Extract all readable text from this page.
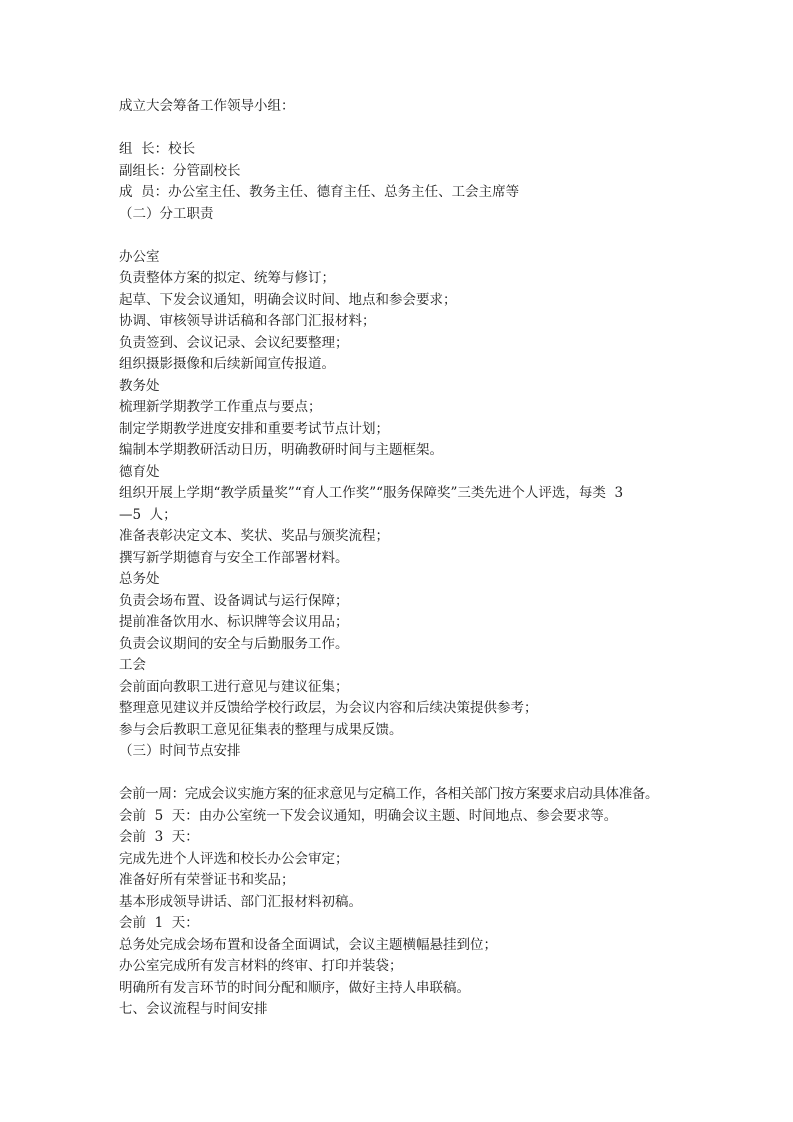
成立大会筹备工作领导小组：
组  长：校长
副组长：分管副校长
成  员：办公室主任、教务主任、德育主任、总务主任、工会主席等
（二）分工职责
办公室
负责整体方案的拟定、统筹与修订；
起草、下发会议通知，明确会议时间、地点和参会要求；
协调、审核领导讲话稿和各部门汇报材料；
负责签到、会议记录、会议纪要整理；
组织摄影摄像和后续新闻宣传报道。
教务处
梳理新学期教学工作重点与要点；
制定学期教学进度安排和重要考试节点计划；
编制本学期教研活动日历，明确教研时间与主题框架。
德育处
组织开展上学期“教学质量奖”“育人工作奖”“服务保障奖”三类先进个人评选，每类  3
—5  人；
准备表彰决定文本、奖状、奖品与颁奖流程；
撰写新学期德育与安全工作部署材料。
总务处
负责会场布置、设备调试与运行保障；
提前准备饮用水、标识牌等会议用品；
负责会议期间的安全与后勤服务工作。
工会
会前面向教职工进行意见与建议征集；
整理意见建议并反馈给学校行政层，为会议内容和后续决策提供参考；
参与会后教职工意见征集表的整理与成果反馈。
（三）时间节点安排
会前一周：完成会议实施方案的征求意见与定稿工作，各相关部门按方案要求启动具体准备。
会前  5  天：由办公室统一下发会议通知，明确会议主题、时间地点、参会要求等。
会前  3  天：
完成先进个人评选和校长办公会审定；
准备好所有荣誉证书和奖品；
基本形成领导讲话、部门汇报材料初稿。
会前  1  天：
总务处完成会场布置和设备全面调试，会议主题横幅悬挂到位；
办公室完成所有发言材料的终审、打印并装袋；
明确所有发言环节的时间分配和顺序，做好主持人串联稿。
七、会议流程与时间安排
